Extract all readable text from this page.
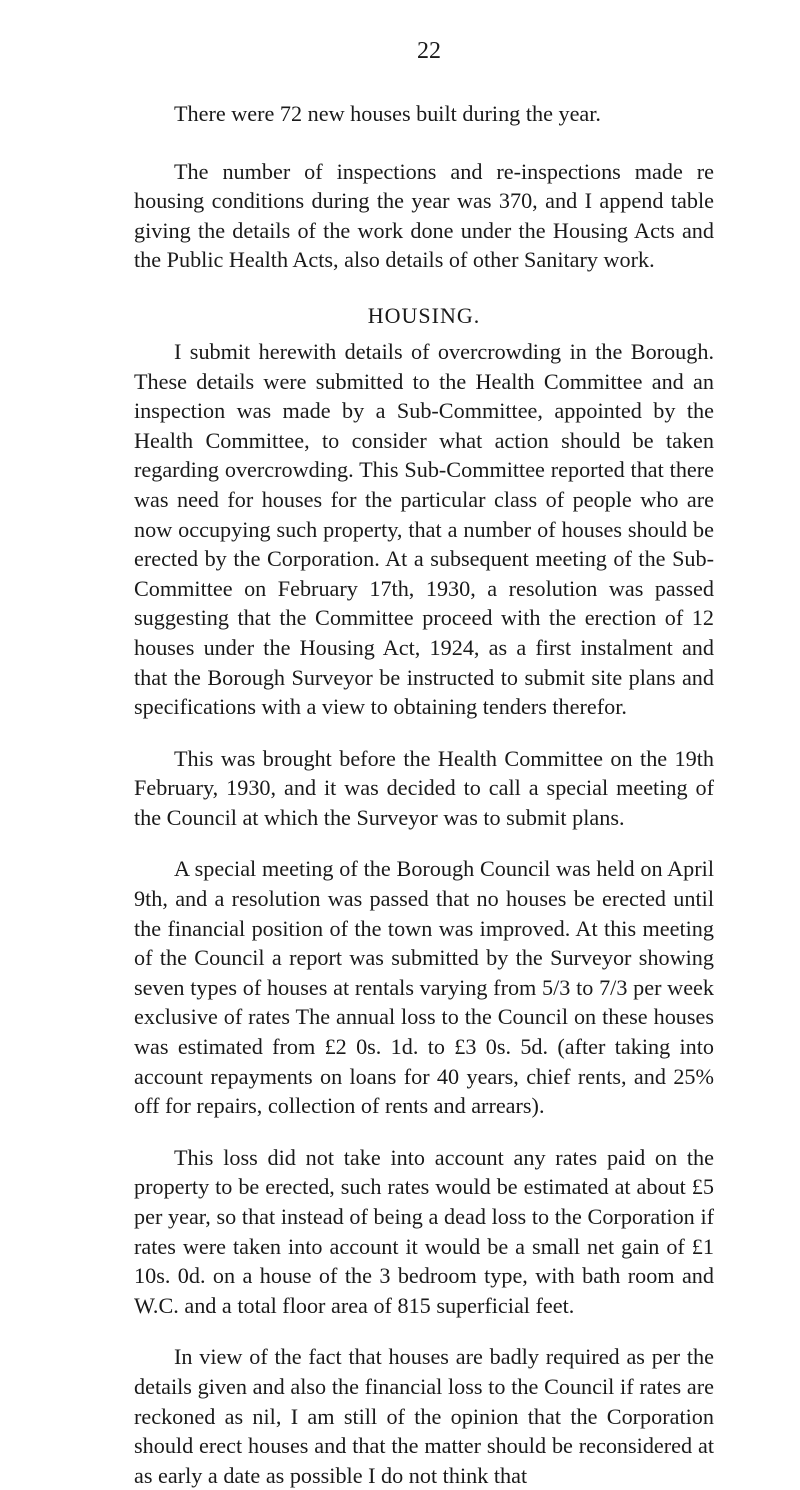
22

There were 72 new houses built during the year.

The number of inspections and re-inspections made re housing conditions during the year was 370, and I append table giving the details of the work done under the Housing Acts and the Public Health Acts, also details of other Sanitary work.

HOUSING.

I submit herewith details of overcrowding in the Borough. These details were submitted to the Health Committee and an inspection was made by a Sub-Committee, appointed by the Health Committee, to consider what action should be taken regarding overcrowding. This Sub-Committee reported that there was need for houses for the particular class of people who are now occupying such property, that a number of houses should be erected by the Corporation. At a subsequent meeting of the Sub-Committee on February 17th, 1930, a resolution was passed suggesting that the Committee proceed with the erection of 12 houses under the Housing Act, 1924, as a first instalment and that the Borough Surveyor be instructed to submit site plans and specifications with a view to obtaining tenders therefor.

This was brought before the Health Committee on the 19th February, 1930, and it was decided to call a special meeting of the Council at which the Surveyor was to submit plans.

A special meeting of the Borough Council was held on April 9th, and a resolution was passed that no houses be erected until the financial position of the town was improved. At this meeting of the Council a report was submitted by the Surveyor showing seven types of houses at rentals varying from 5/3 to 7/3 per week exclusive of rates The annual loss to the Council on these houses was estimated from £2 0s. 1d. to £3 0s. 5d. (after taking into account repayments on loans for 40 years, chief rents, and 25% off for repairs, collection of rents and arrears).

This loss did not take into account any rates paid on the property to be erected, such rates would be estimated at about £5 per year, so that instead of being a dead loss to the Corporation if rates were taken into account it would be a small net gain of £1 10s. 0d. on a house of the 3 bedroom type, with bath room and W.C. and a total floor area of 815 superficial feet.

In view of the fact that houses are badly required as per the details given and also the financial loss to the Council if rates are reckoned as nil, I am still of the opinion that the Corporation should erect houses and that the matter should be reconsidered at as early a date as possible I do not think that
